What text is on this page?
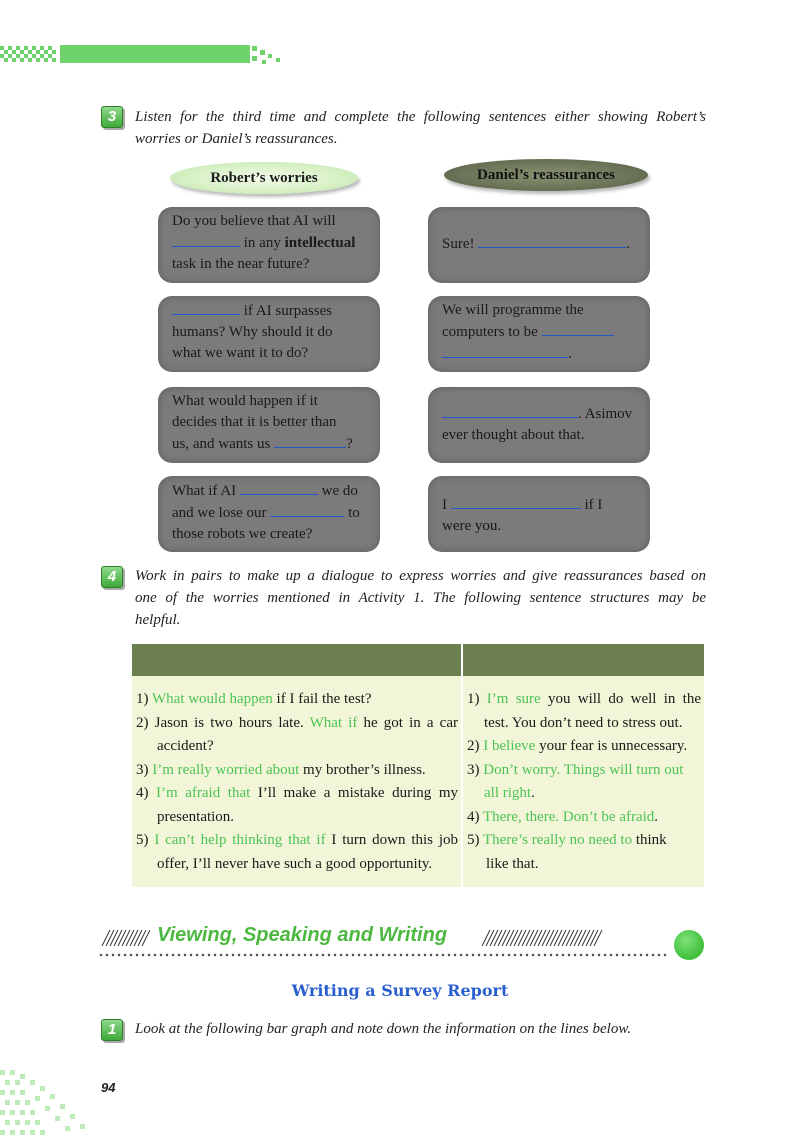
3	Listen for the third time and complete the following sentences either showing Robert’s
worries or Daniel’s reassurances.
Robert’s worries	Daniel’s reassurances
Do you believe that AI will
in any intellectual
task in the near future?
if AI surpasses
humans? Why should it do
what we want it to do?
What would happen if it
decides that it is better than
us, and wants us	?
What if AI	we do
and we lose our	to
those robots we create?
Sure!	.
We will programme the
computers to be
.
. Asimov
ever thought about that.
I	if I
were you.
4	Work in pairs to make up a dialogue to express worries and give reassurances based on
one of the worries mentioned in Activity 1. The following sentence structures may be
helpful.

1) What would happen if I fail the test?

2) Jason is two hours late. What if he got in a car

accident?

3) I’m really worried about my brother’s illness.

4) I’m afraid that I’ll make a mistake during my

presentation.

5) I can’t help thinking that if I turn down this job

offer, I’ll never have such a good opportunity.

1) I’m sure you will do well in the

test. You don’t need to stress out.

2) I believe your fear is unnecessary.

3) Don’t worry. Things will turn out

all right.

4) There, there. Don’t be afraid.

5) There’s really no need to think

like that.

Viewing, Speaking and Writing
Writing a Survey Report
1	Look at the following bar graph and note down the information on the lines below.
94
